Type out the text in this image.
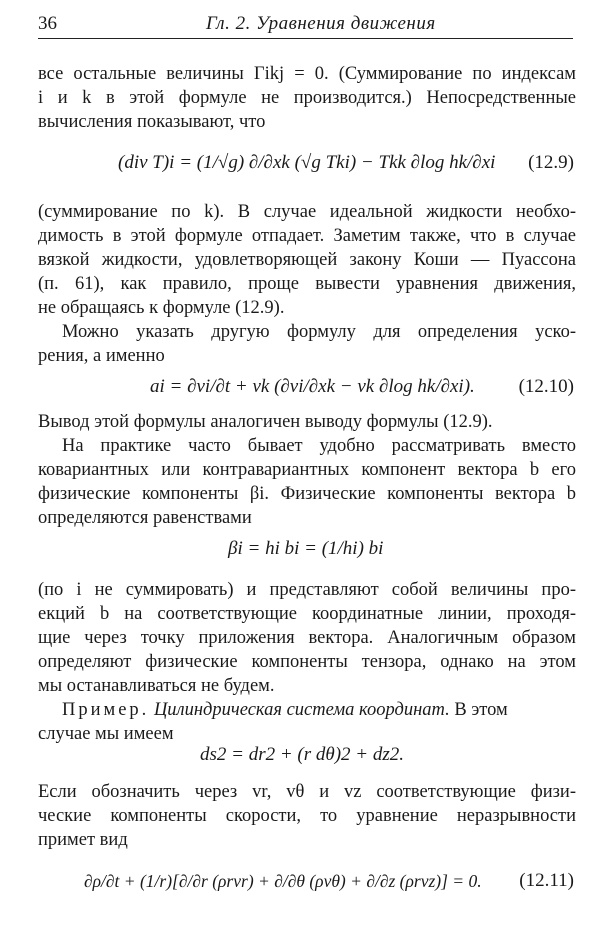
36	Гл. 2. Уравнения движения
все остальные величины Γikj = 0. (Суммирование по индексам
i и k в этой формуле не производится.) Непосредственные
вычисления показывают, что
(div T)i = (1/√g) ∂/∂xk (√g Tki) − Tkk ∂log hk/∂xi (12.9)
(суммирование по k). В случае идеальной жидкости необхо-
димость в этой формуле отпадает. Заметим также, что в случае
вязкой жидкости, удовлетворяющей закону Коши — Пуассона
(п. 61), как правило, проще вывести уравнения движения,
не обращаясь к формуле (12.9).
Можно указать другую формулу для определения уско-
рения, а именно
ai = ∂vi/∂t + vk (∂vi/∂xk − vk ∂log hk/∂xi). (12.10)
Вывод этой формулы аналогичен выводу формулы (12.9).
На практике часто бывает удобно рассматривать вместо
ковариантных или контравариантных компонент вектора b его
физические компоненты βi. Физические компоненты вектора b
определяются равенствами
βi = hi bi = (1/hi) bi
(по i не суммировать) и представляют собой величины про-
екций b на соответствующие координатные линии, проходя-
щие через точку приложения вектора. Аналогичным образом
определяют физические компоненты тензора, однако на этом
мы останавливаться не будем.
Пример. Цилиндрическая система координат. В этом
случае мы имеем
ds2 = dr2 + (r dθ)2 + dz2.
Если обозначить через vr, vθ и vz соответствующие физи-
ческие компоненты скорости, то уравнение неразрывности
примет вид
∂ρ/∂t + (1/r)[∂/∂r (ρrvr) + ∂/∂θ (ρvθ) + ∂/∂z (ρrvz)] = 0. (12.11)
